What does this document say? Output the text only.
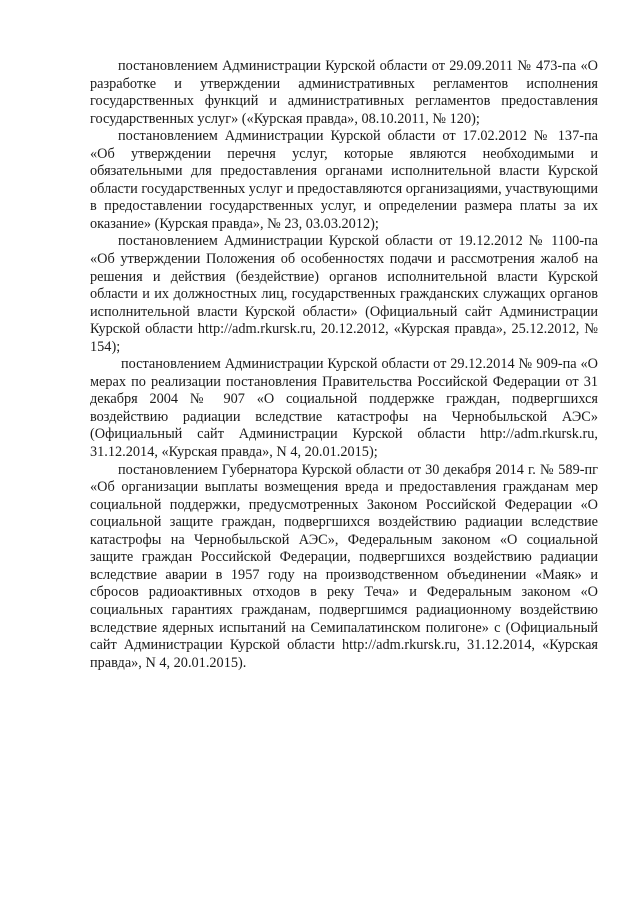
постановлением Администрации Курской области от 29.09.2011 № 473-па «О разработке и утверждении административных регламентов исполнения государственных функций и административных регламентов предоставления государственных услуг» («Курская правда», 08.10.2011, № 120);

постановлением Администрации Курской области от 17.02.2012 № 137-па «Об утверждении перечня услуг, которые являются необходимыми и обязательными для предоставления органами исполнительной власти Курской области государственных услуг и предоставляются организациями, участвующими в предоставлении государственных услуг, и определении размера платы за их оказание» (Курская правда», № 23, 03.03.2012);

постановлением Администрации Курской области от 19.12.2012 № 1100-па «Об утверждении Положения об особенностях подачи и рассмотрения жалоб на решения и действия (бездействие) органов исполнительной власти Курской области и их должностных лиц, государственных гражданских служащих органов исполнительной власти Курской области» (Официальный сайт Администрации Курской области http://adm.rkursk.ru, 20.12.2012, «Курская правда», 25.12.2012, № 154);

постановлением Администрации Курской области от 29.12.2014 № 909-па «О мерах по реализации постановления Правительства Российской Федерации от 31 декабря 2004 № 907 «О социальной поддержке граждан, подвергшихся воздействию радиации вследствие катастрофы на Чернобыльской АЭС» (Официальный сайт Администрации Курской области http://adm.rkursk.ru, 31.12.2014, «Курская правда», N 4, 20.01.2015);

постановлением Губернатора Курской области от 30 декабря 2014 г. № 589-пг «Об организации выплаты возмещения вреда и предоставления гражданам мер социальной поддержки, предусмотренных Законом Российской Федерации «О социальной защите граждан, подвергшихся воздействию радиации вследствие катастрофы на Чернобыльской АЭС», Федеральным законом «О социальной защите граждан Российской Федерации, подвергшихся воздействию радиации вследствие аварии в 1957 году на производственном объединении «Маяк» и сбросов радиоактивных отходов в реку Теча» и Федеральным законом «О социальных гарантиях гражданам, подвергшимся радиационному воздействию вследствие ядерных испытаний на Семипалатинском полигоне» с (Официальный сайт Администрации Курской области http://adm.rkursk.ru, 31.12.2014, «Курская правда», N 4, 20.01.2015).
